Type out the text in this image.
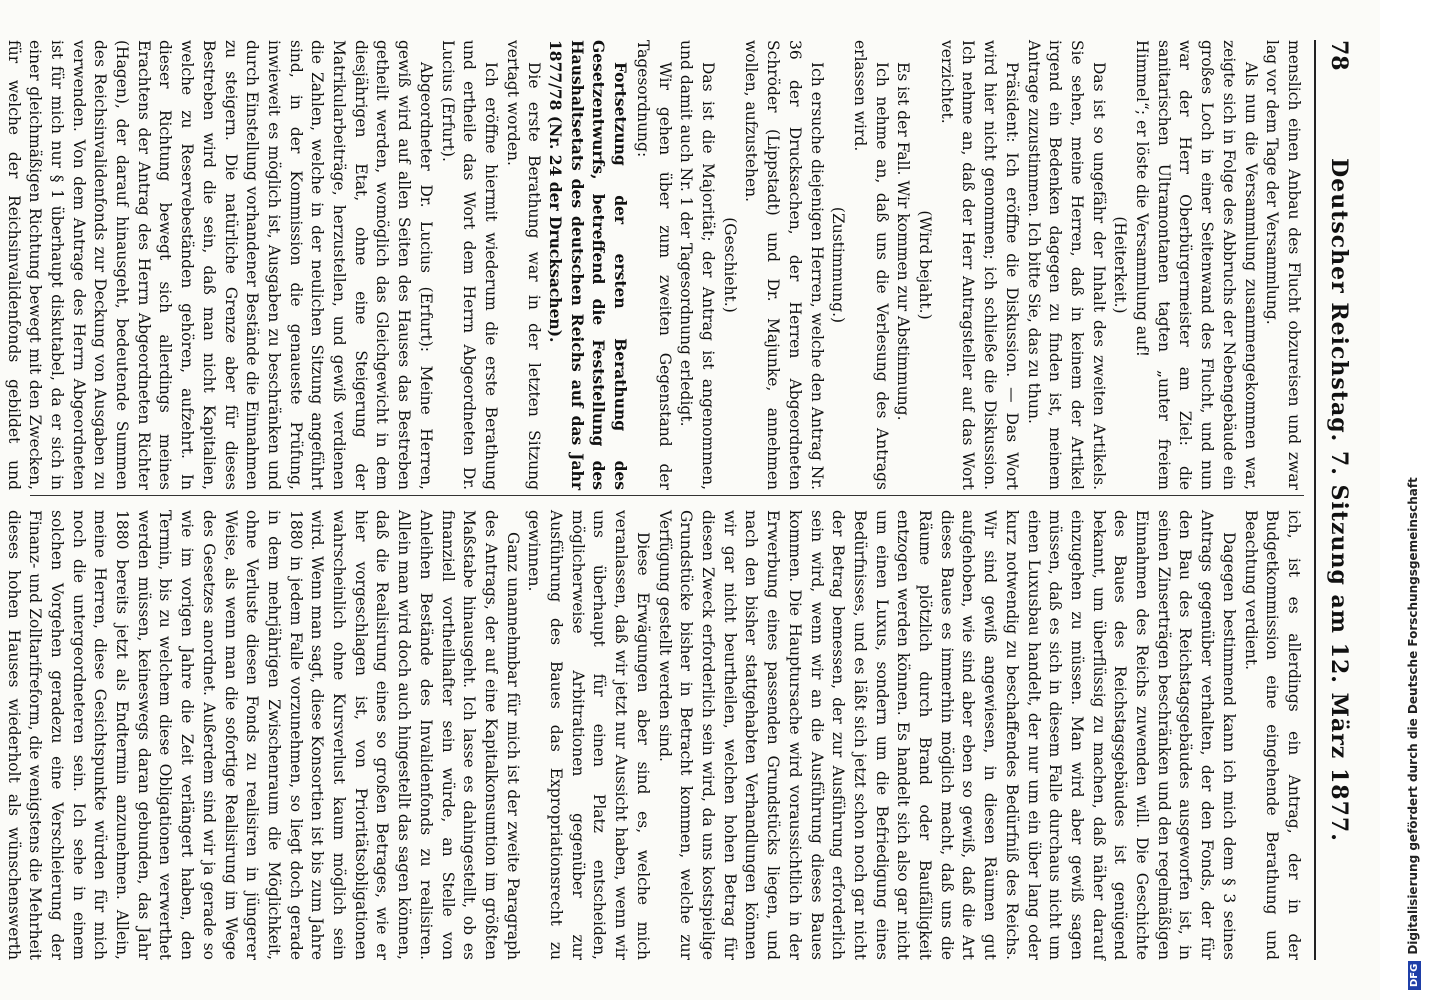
78
Deutscher Reichstag. 7. Sitzung am 12. März 1877.

menslich einen Anbau des Flucht obzureisen und zwar lag vor dem Tage der Versammlung.

Als nun die Versammlung zusammengekommen war, zeigte sich in Folge des Abbruchs der Nebengebäude ein großes Loch in einer Seitenwand des Flucht, und nun war der Herr Oberbürgermeister am Ziel: die sanitarischen Ultramontanen tagten „unter freiem Himmel“; er löste die Versammlung auf!

(Heiterkeit.)

Das ist so ungefähr der Inhalt des zweiten Artikels. Sie sehen, meine Herren, daß in keinem der Artikel irgend ein Bedenken dagegen zu finden ist, meinem Antrage zuzustimmen. Ich bitte Sie, das zu thun.

Präsident: Ich eröffne die Diskussion. — Das Wort wird hier nicht genommen; ich schließe die Diskussion. Ich nehme an, daß der Herr Antragsteller auf das Wort verzichtet.

(Wird bejaht.)

Es ist der Fall. Wir kommen zur Abstimmung.

Ich nehme an, daß uns die Verlesung des Antrags erlassen wird.

(Zustimmung.)

Ich ersuche diejenigen Herren, welche den Antrag Nr. 36 der Drucksachen, der Herren Abgeordneten Schröder (Lippstadt) und Dr. Majunke, annehmen wollen, aufzustehen.

(Geschieht.)

Das ist die Majorität; der Antrag ist angenommen, und damit auch Nr. 1 der Tagesordnung erledigt.

Wir gehen über zum zweiten Gegenstand der Tagesordnung:

Fortsetzung der ersten Berathung des Gesetzentwurfs, betreffend die Feststellung des Haushaltsetats des deutschen Reichs auf das Jahr 1877/78 (Nr. 24 der Drucksachen).

Die erste Berathung war in der letzten Sitzung vertagt worden.

Ich eröffne hiermit wiederum die erste Berathung und ertheile das Wort dem Herrn Abgeordneten Dr. Lucius (Erfurt).

Abgeordneter Dr. Lucius (Erfurt): Meine Herren, gewiß wird auf allen Seiten des Hauses das Bestreben getheilt werden, womöglich das Gleichgewicht in dem diesjährigen Etat, ohne eine Steigerung der Matrikularbeiträge, herzustellen, und gewiß verdienen die Zahlen, welche in der neulichen Sitzung angeführt sind, in der Kommission die genaueste Prüfung, inwieweit es möglich ist, Ausgaben zu beschränken und durch Einstellung vorhandener Bestände die Einnahmen zu steigern. Die natürliche Grenze aber für dieses Bestreben wird die sein, daß man nicht Kapitalien, welche zu Reservebeständen gehören, aufzehrt. In dieser Richtung bewegt sich allerdings meines Erachtens der Antrag des Herrn Abgeordneten Richter (Hagen), der darauf hinausgeht, bedeutende Summen des Reichsinvalidenfonds zur Deckung von Ausgaben zu verwenden. Von dem Antrage des Herrn Abgeordneten ist für mich nur § 1 überhaupt diskutabel, da er sich in einer gleichmäßigen Richtung bewegt mit den Zwecken, für welche der Reichsinvalidenfonds gebildet und

ich, ist es allerdings ein Antrag, der in der Budgetkommission eine eingehende Berathung und Beachtung verdient.

Dagegen bestimmend kann ich mich dem § 3 seines Antrags gegenüber verhalten, der den Fonds, der für den Bau des Reichstagsgebäudes ausgeworfen ist, in seinen Zinserträgen beschränken und den regelmäßigen Einnahmen des Reichs zuwenden will. Die Geschichte des Baues des Reichstagsgebäudes ist genügend bekannt, um überflüssig zu machen, daß näher darauf einzugehen zu müssen. Man wird aber gewiß sagen müssen, daß es sich in diesem Falle durchaus nicht um einen Luxusbau handelt, der nur um ein über lang oder kurz notwendig zu beschaffendes Bedürfniß des Reichs. Wir sind gewiß angewiesen, in diesen Räumen gut aufgehoben, wie sind aber eben so gewiß, daß die Art dieses Baues es immerhin möglich macht, daß uns die Räume plötzlich durch Brand oder Baufälligkeit entzogen werden können. Es handelt sich also gar nicht um einen Luxus, sondern um die Befriedigung eines Bedürfnisses, und es läßt sich jetzt schon noch gar nicht der Betrag bemessen, der zur Ausführung erforderlich sein wird, wenn wir an die Ausführung dieses Baues kommen. Die Hauptursache wird voraussichtlich in der Erwerbung eines passenden Grundstücks liegen, und nach den bisher stattgehabten Verhandlungen können wir gar nicht beurtheilen, welchen hohen Betrag für diesen Zweck erforderlich sein wird, da uns kostspielige Grundstücke bisher in Betracht kommen, welche zur Verfügung gestellt werden sind.

Diese Erwägungen aber sind es, welche mich veranlassen, daß wir jetzt nur Aussicht haben, wenn wir uns überhaupt für einen Platz entscheiden, möglicherweise Arbitrationen gegenüber zur Ausführung des Baues das Expropriationsrecht zu gewinnen.

Ganz unannehmbar für mich ist der zweite Paragraph des Antrags, der auf eine Kapitalkonsumtion im größten Maßstabe hinausgeht. Ich lasse es dahingestellt, ob es finanziell vortheilhafter sein würde, an Stelle von Anleihen Bestände des Invalidenfonds zu realisiren. Allein man wird doch auch hingestellt das sagen können, daß die Realisirung eines so großen Betrages, wie er hier vorgeschlagen ist, von Prioritätsobligationen wahrscheinlich ohne Kursverlust kaum möglich sein wird. Wenn man sagt, diese Konsortien ist bis zum Jahre 1880 in jedem Falle vorzunehmen, so liegt doch gerade in dem mehrjährigen Zwischenraum die Möglichkeit, ohne Verluste diesen Fonds zu realisiren in jüngerer Weise, als wenn man die sofortige Realisirung im Wege des Gesetzes anordnet. Außerdem sind wir ja gerade so wie im vorigen Jahre die Zeit verlängert haben, den Termin, bis zu welchem diese Obligationen verwerthet werden müssen, keineswegs daran gebunden, das Jahr 1880 bereits jetzt als Endtermin anzunehmen. Allein, meine Herren, diese Gesichtspunkte würden für mich noch die untergeordneteren sein. Ich sehe in einem solchen Vorgehen geradezu eine Verschleierung der Finanz- und Zolltarifreform, die wenigstens die Mehrheit dieses hohen Hauses wiederholt als wünschenswerth

DFGDigitalisierung gefördert durch die Deutsche Forschungsgemeinschaft
